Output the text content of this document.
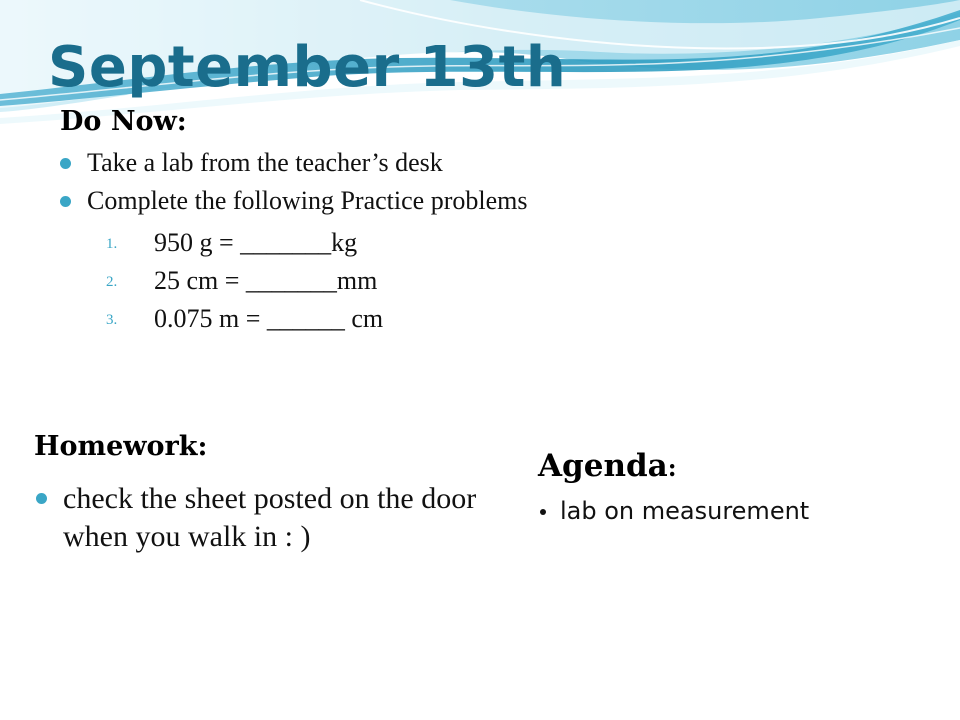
September 13th
Do Now:
Take a lab from the teacher’s desk
Complete the following Practice problems
1. 950 g = _______kg
2. 25 cm = _______mm
3. 0.075 m = ______ cm
Homework:
check the sheet posted on the door when you walk in : )
Agenda:
lab on measurement
